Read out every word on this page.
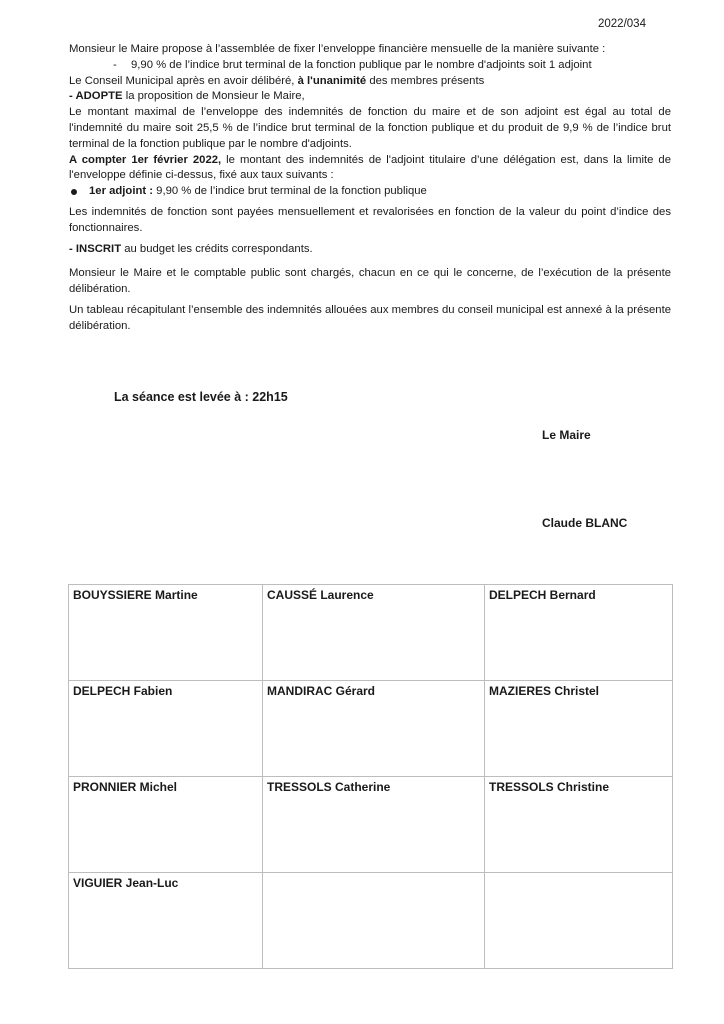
2022/034

Monsieur le Maire propose à l’assemblée de fixer l’enveloppe financière mensuelle de la manière suivante :

- 9,90 % de l’indice brut terminal de la fonction publique par le nombre d'adjoints soit 1 adjoint

Le Conseil Municipal après en avoir délibéré, à l'unanimité des membres présents

- ADOPTE la proposition de Monsieur le Maire,

Le montant maximal de l’enveloppe des indemnités de fonction du maire et de son adjoint est égal au total de l'indemnité du maire soit 25,5 % de l’indice brut terminal de la fonction publique et du produit de 9,9 % de l’indice brut terminal de la fonction publique par le nombre d'adjoints.

A compter 1er février 2022, le montant des indemnités de l'adjoint titulaire d’une délégation est, dans la limite de l'enveloppe définie ci-dessus, fixé aux taux suivants :

1er adjoint : 9,90 % de l’indice brut terminal de la fonction publique

Les indemnités de fonction sont payées mensuellement et revalorisées en fonction de la valeur du point d’indice des fonctionnaires.

- INSCRIT au budget les crédits correspondants.

Monsieur le Maire et le comptable public sont chargés, chacun en ce qui le concerne, de l’exécution de la présente délibération.

Un tableau récapitulant l’ensemble des indemnités allouées aux membres du conseil municipal est annexé à la présente délibération.

La séance est levée à : 22h15
Le Maire
Claude BLANC
BOUYSSIERE Martine	CAUSSÉ Laurence	DELPECH Bernard
DELPECH Fabien	MANDIRAC Gérard	MAZIERES Christel
PRONNIER Michel	TRESSOLS Catherine	TRESSOLS Christine
VIGUIER Jean-Luc		
